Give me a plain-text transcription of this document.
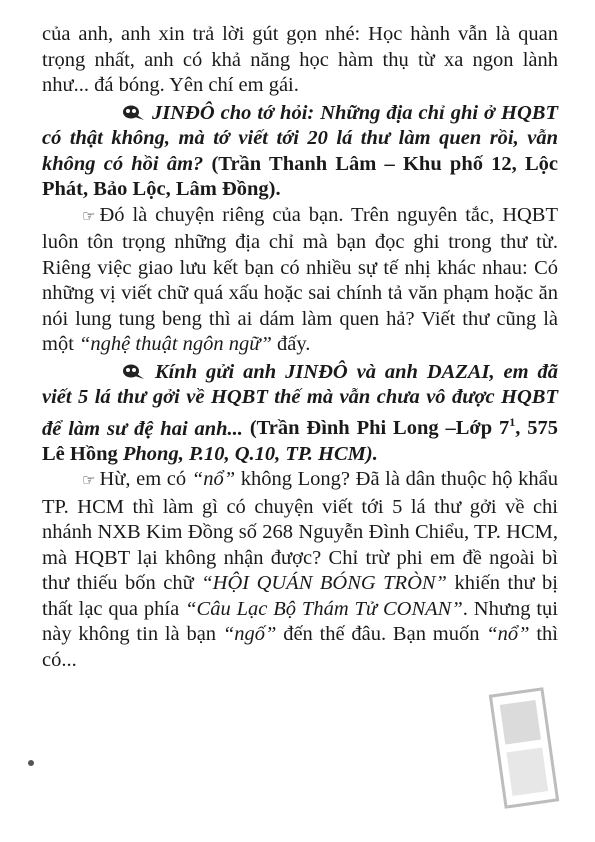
của anh, anh xin trả lời gút gọn nhé: Học hành vẫn là quan trọng nhất, anh có khả năng học hàm thụ từ xa ngon lành như... đá bóng. Yên chí em gái.

JINĐÔ cho tớ hỏi: Những địa chỉ ghi ở HQBT có thật không, mà tớ viết tới 20 lá thư làm quen rồi, vẫn không có hồi âm? (Trần Thanh Lâm – Khu phố 12, Lộc Phát, Bảo Lộc, Lâm Đồng).

☞ Đó là chuyện riêng của bạn. Trên nguyên tắc, HQBT luôn tôn trọng những địa chỉ mà bạn đọc ghi trong thư từ. Riêng việc giao lưu kết bạn có nhiều sự tế nhị khác nhau: Có những vị viết chữ quá xấu hoặc sai chính tả văn phạm hoặc ăn nói lung tung beng thì ai dám làm quen hả? Viết thư cũng là một “nghệ thuật ngôn ngữ” đấy.

Kính gửi anh JINĐÔ và anh DAZAI, em đã viết 5 lá thư gởi về HQBT thế mà vẫn chưa vô được HQBT để làm sư đệ hai anh... (Trần Đình Phi Long –Lớp $7^1$, 575 Lê Hồng Phong, P.10, Q.10, TP. HCM).

☞ Hừ, em có “nổ” không Long? Đã là dân thuộc hộ khẩu TP. HCM thì làm gì có chuyện viết tới 5 lá thư gởi về chi nhánh NXB Kim Đồng số 268 Nguyễn Đình Chiểu, TP. HCM, mà HQBT lại không nhận được? Chỉ trừ phi em đề ngoài bì thư thiếu bốn chữ “HỘI QUÁN BÓNG TRÒN” khiến thư bị thất lạc qua phía “Câu Lạc Bộ Thám Tử CONAN”. Nhưng tụi này không tin là bạn “ngố” đến thế đâu. Bạn muốn “nổ” thì có...
